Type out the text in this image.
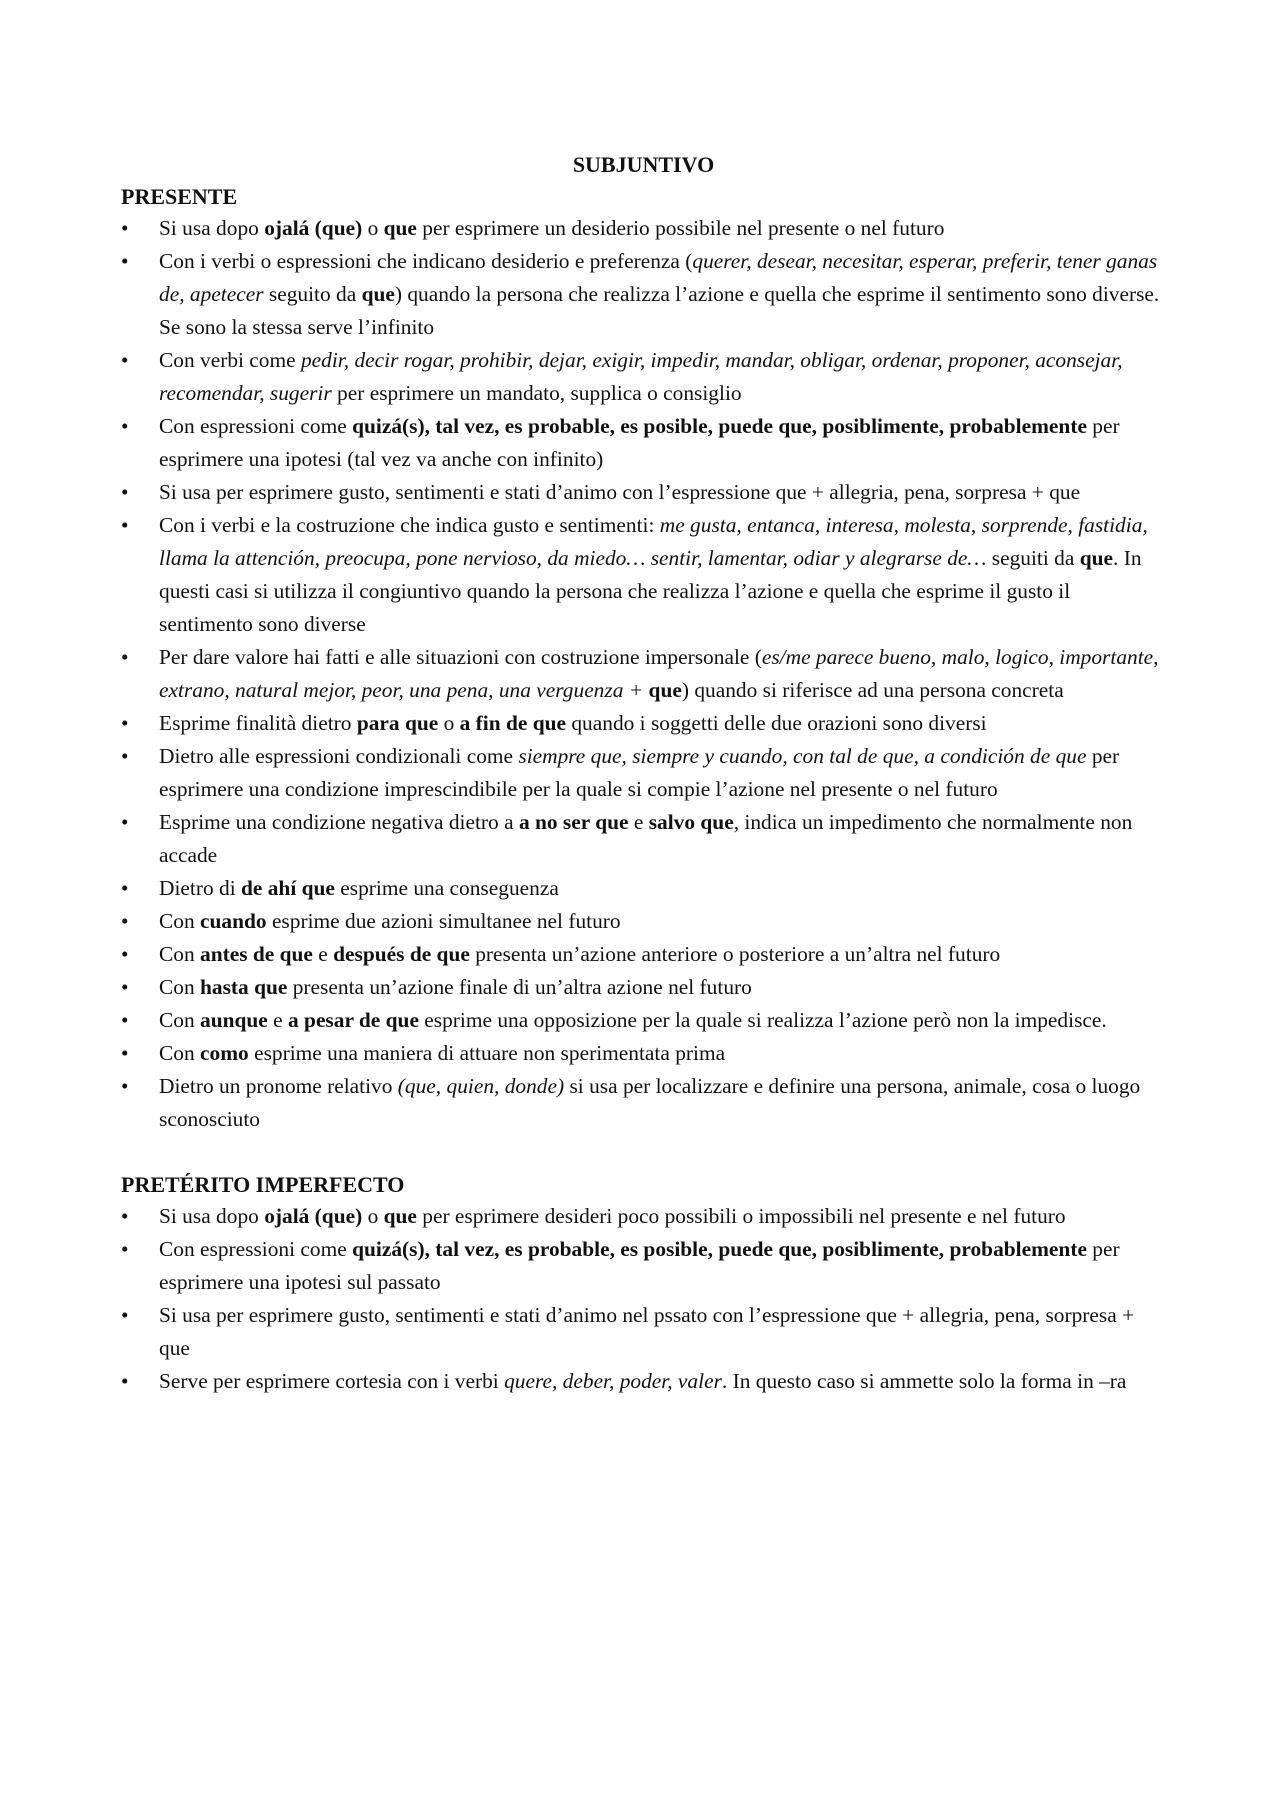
SUBJUNTIVO
PRESENTE
• Si usa dopo ojalá (que) o que per esprimere un desiderio possibile nel presente o nel futuro
• Con i verbi o espressioni che indicano desiderio e preferenza (querer, desear, necesitar, esperar, preferir, tener ganas de, apetecer seguito da que) quando la persona che realizza l’azione e quella che esprime il sentimento sono diverse. Se sono la stessa serve l’infinito
• Con verbi come pedir, decir rogar, prohibir, dejar, exigir, impedir, mandar, obligar, ordenar, proponer, aconsejar, recomendar, sugerir per esprimere un mandato, supplica o consiglio
• Con espressioni come quizá(s), tal vez, es probable, es posible, puede que, posiblimente, probablemente per esprimere una ipotesi (tal vez va anche con infinito)
• Si usa per esprimere gusto, sentimenti e stati d’animo con l’espressione que + allegria, pena, sorpresa + que
• Con i verbi e la costruzione che indica gusto e sentimenti: me gusta, entanca, interesa, molesta, sorprende, fastidia, llama la attención, preocupa, pone nervioso, da miedo… sentir, lamentar, odiar y alegrarse de… seguiti da que. In questi casi si utilizza il congiuntivo quando la persona che realizza l’azione e quella che esprime il gusto il sentimento sono diverse
• Per dare valore hai fatti e alle situazioni con costruzione impersonale (es/me parece bueno, malo, logico, importante, extrano, natural mejor, peor, una pena, una verguenza + que) quando si riferisce ad una persona concreta
• Esprime finalità dietro para que o a fin de que quando i soggetti delle due orazioni sono diversi
• Dietro alle espressioni condizionali come siempre que, siempre y cuando, con tal de que, a condición de que per esprimere una condizione imprescindibile per la quale si compie l’azione nel presente o nel futuro
• Esprime una condizione negativa dietro a a no ser que e salvo que, indica un impedimento che normalmente non accade
• Dietro di de ahí que esprime una conseguenza
• Con cuando esprime due azioni simultanee nel futuro
• Con antes de que e después de que presenta un’azione anteriore o posteriore a un’altra nel futuro
• Con hasta que presenta un’azione finale di un’altra azione nel futuro
• Con aunque e a pesar de que esprime una opposizione per la quale si realizza l’azione però non la impedisce.
• Con como esprime una maniera di attuare non sperimentata prima
• Dietro un pronome relativo (que, quien, donde) si usa per localizzare e definire una persona, animale, cosa o luogo sconosciuto
PRETÉRITO IMPERFECTO
• Si usa dopo ojalá (que) o que per esprimere desideri poco possibili o impossibili nel presente e nel futuro
• Con espressioni come quizá(s), tal vez, es probable, es posible, puede que, posiblimente, probablemente per esprimere una ipotesi sul passato
• Si usa per esprimere gusto, sentimenti e stati d’animo nel pssato con l’espressione que + allegria, pena, sorpresa + que
• Serve per esprimere cortesia con i verbi quere, deber, poder, valer. In questo caso si ammette solo la forma in –ra
